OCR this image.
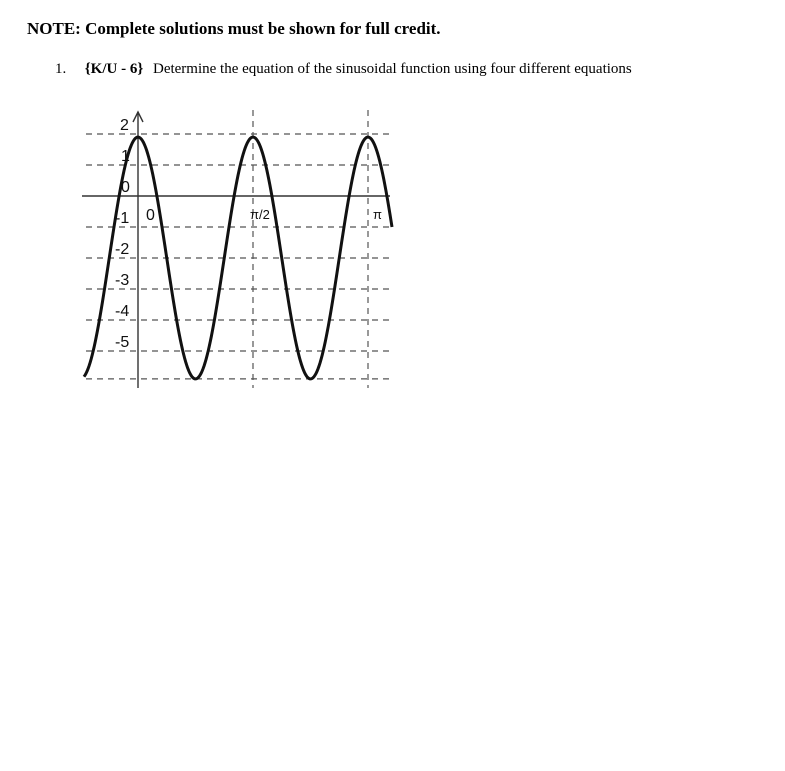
NOTE: Complete solutions must be shown for full credit.
1. {K/U - 6} Determine the equation of the sinusoidal function using four different equations
2
1
0
-1
-2
-3
-4
-5
0	π/2	π
